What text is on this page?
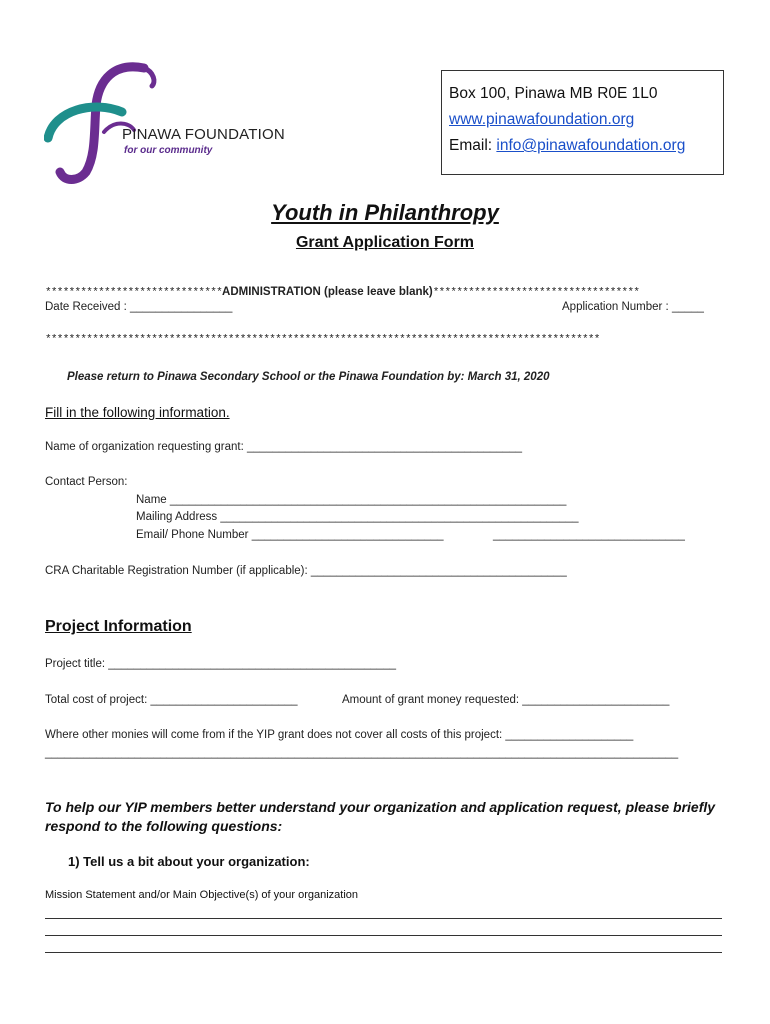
PINAWA FOUNDATION
for our community
Box 100, Pinawa MB R0E 1L0
www.pinawafoundation.org
Email: info@pinawafoundation.org
Youth in Philanthropy
Grant Application Form
******************************ADMINISTRATION (please leave blank)***********************************
Date Received : ________________	Application Number : _____
**********************************************************************************************
Please return to Pinawa Secondary School or the Pinawa Foundation by: March 31, 2020
Fill in the following information.
Name of organization requesting grant: ___________________________________________
Contact Person:
Name ______________________________________________________________
Mailing Address ________________________________________________________
Email/ Phone Number ______________________________	______________________________
CRA Charitable Registration Number (if applicable): ________________________________________
Project Information
Project title: _____________________________________________
Total cost of project: _______________________	Amount of grant money requested: _______________________
Where other monies will come from if the YIP grant does not cover all costs of this project: ____________________
___________________________________________________________________________________________________
To help our YIP members better understand your organization and application request, please briefly respond to the following questions:
1) Tell us a bit about your organization:
Mission Statement and/or Main Objective(s) of your organization
